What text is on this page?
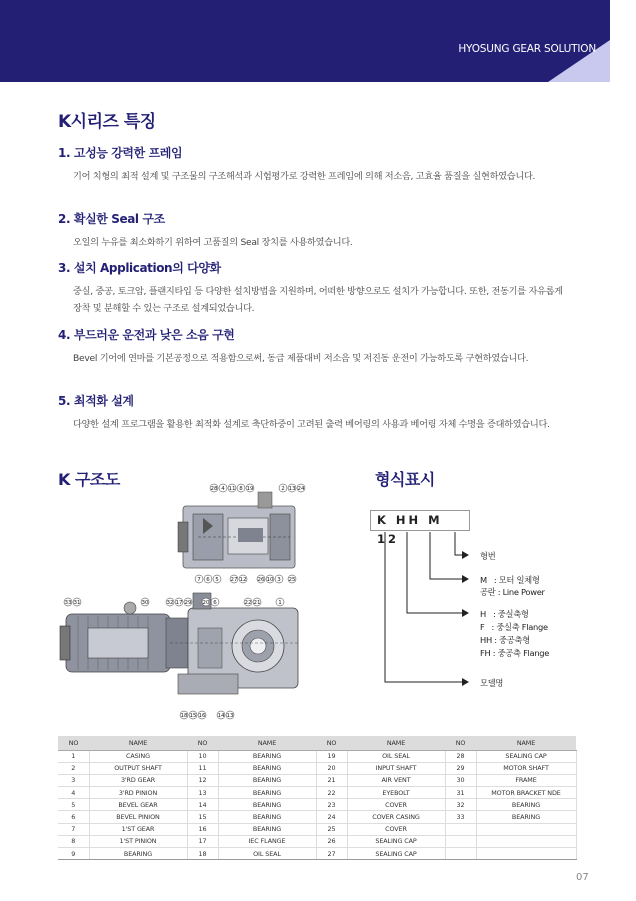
HYOSUNG GEAR SOLUTION
K시리즈 특징
1. 고성능 강력한 프레임

기어 치형의 최적 설계 및 구조물의 구조해석과 시험평가로 강력한 프레임에 의해 저소음, 고효율 품질을 실현하였습니다.

2. 확실한 Seal 구조

오일의 누유를 최소화하기 위하여 고품질의 Seal 장치를 사용하였습니다.

3. 설치 Application의 다양화

중실, 중공, 토크암, 플랜지타입 등 다양한 설치방법을 지원하며, 어떠한 방향으로도 설치가 가능합니다. 또한, 전동기를 자유롭게 장착 및 분해할 수 있는 구조로 설계되었습니다.

4. 부드러운 운전과 낮은 소음 구현

Bevel 기어에 연마를 기본공정으로 적용함으로써, 동급 제품대비 저소음 및 저진동 운전이 가능하도록 구현하였습니다.

5. 최적화 설계

다양한 설계 프로그램을 활용한 최적화 설계로 축단하중이 고려된 출력 베어링의 사용과 베어링 자체 수명을 증대하였습니다.

K 구조도	형식표시
28 4 11 8 19	2 13 24
7 6 5 27 12 26 10 3 25
33 31	30	32 17 29 20 6	22 21	1
18 15 16 14 13
K HH M 12
형번
M   : 모터 일체형
공란 : Line Power
H   : 중실축형
F   : 중실축 Flange
HH : 중공축형
FH : 중공축 Flange
모델명
NO	NAME	NO	NAME	NO	NAME	NO	NAME
1	CASING	10	BEARING	19	OIL SEAL	28	SEALING CAP
2	OUTPUT SHAFT	11	BEARING	20	INPUT SHAFT	29	MOTOR SHAFT
3	3'RD GEAR	12	BEARING	21	AIR VENT	30	FRAME
4	3'RD PINION	13	BEARING	22	EYEBOLT	31	MOTOR BRACKET NDE
5	BEVEL GEAR	14	BEARING	23	COVER	32	BEARING
6	BEVEL PINION	15	BEARING	24	COVER CASING	33	BEARING
7	1'ST GEAR	16	BEARING	25	COVER		
8	1'ST PINION	17	IEC FLANGE	26	SEALING CAP		
9	BEARING	18	OIL SEAL	27	SEALING CAP		
07
